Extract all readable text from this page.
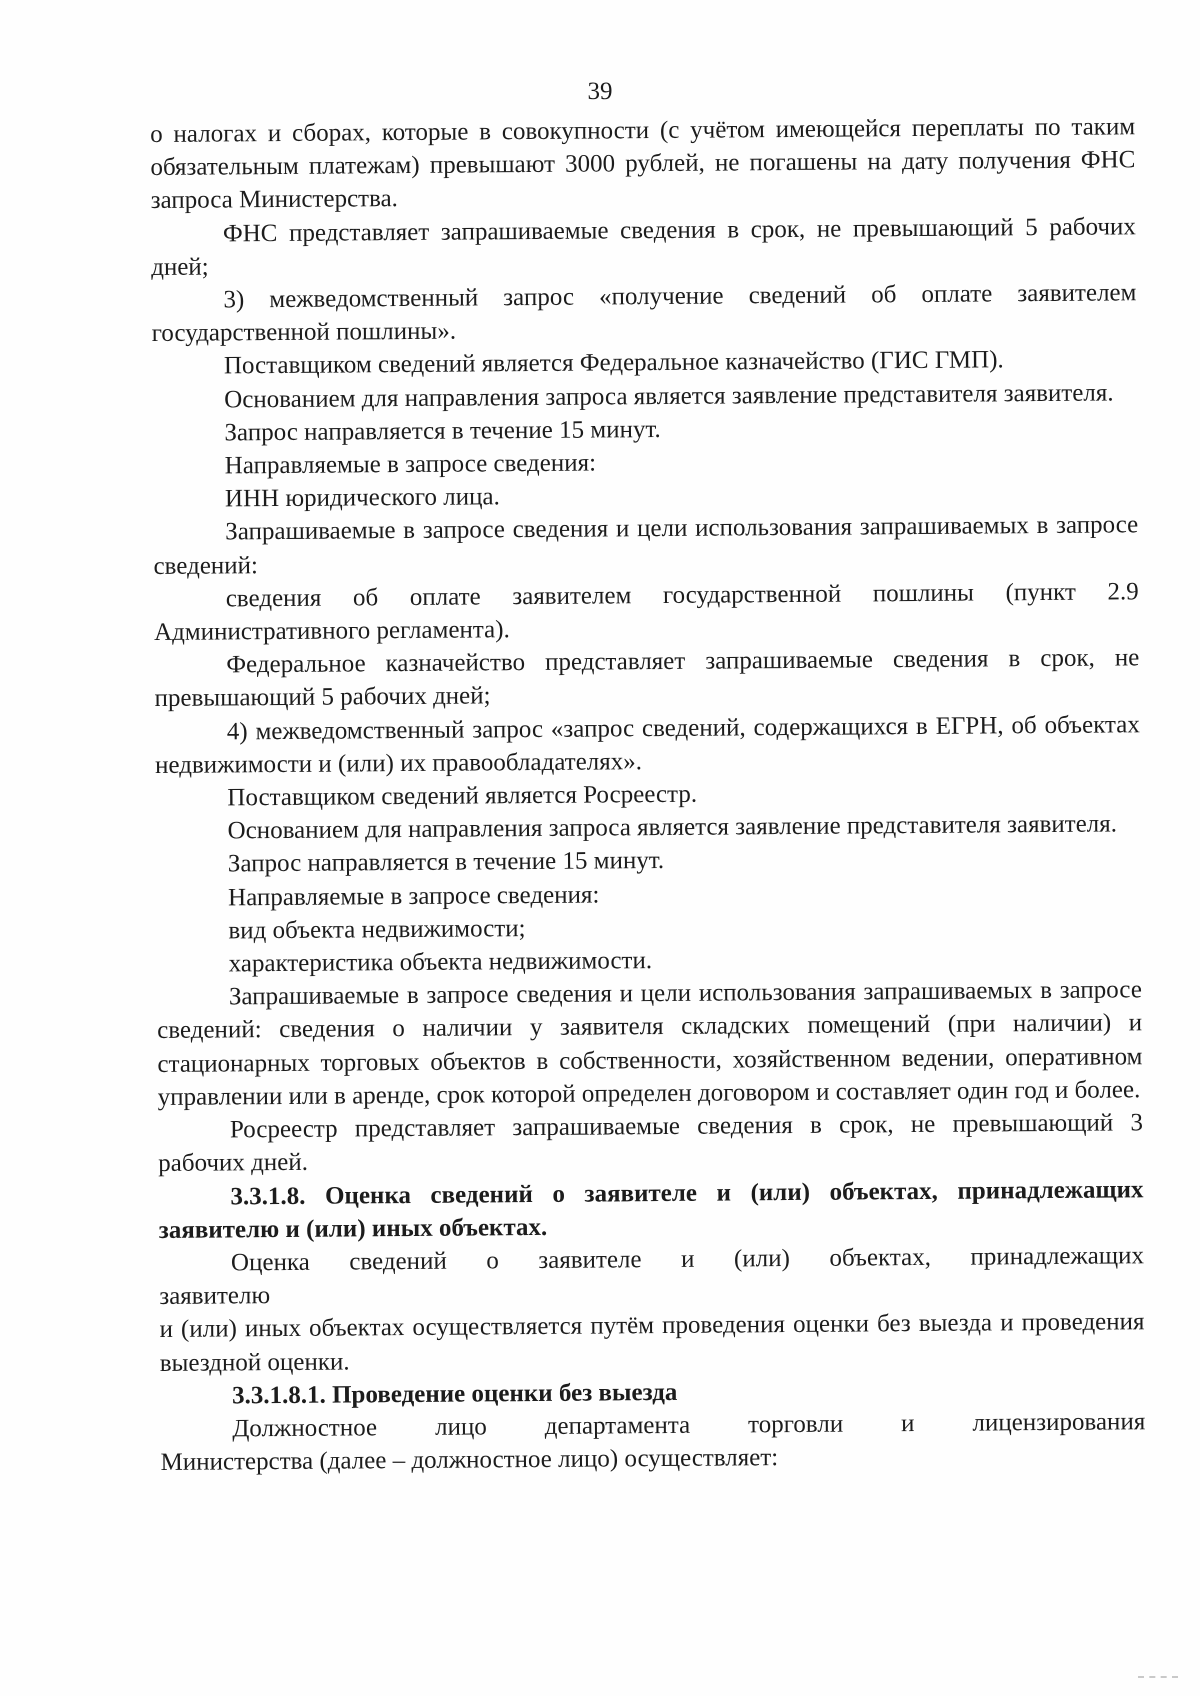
39

о налогах и сборах, которые в совокупности (с учётом имеющейся переплаты по таким обязательным платежам) превышают 3000 рублей, не погашены на дату получения ФНС запроса Министерства.

ФНС представляет запрашиваемые сведения в срок, не превышающий 5 рабочих дней;

3) межведомственный запрос «получение сведений об оплате заявителем государственной пошлины».

Поставщиком сведений является Федеральное казначейство (ГИС ГМП).

Основанием для направления запроса является заявление представителя заявителя.

Запрос направляется в течение 15 минут.

Направляемые в запросе сведения:

ИНН юридического лица.

Запрашиваемые в запросе сведения и цели использования запрашиваемых в запросе сведений:

сведения об оплате заявителем государственной пошлины (пункт 2.9 Административного регламента).

Федеральное казначейство представляет запрашиваемые сведения в срок, не превышающий 5 рабочих дней;

4) межведомственный запрос «запрос сведений, содержащихся в ЕГРН, об объектах недвижимости и (или) их правообладателях».

Поставщиком сведений является Росреестр.

Основанием для направления запроса является заявление представителя заявителя.

Запрос направляется в течение 15 минут.

Направляемые в запросе сведения:

вид объекта недвижимости;

характеристика объекта недвижимости.

Запрашиваемые в запросе сведения и цели использования запрашиваемых в запросе сведений: сведения о наличии у заявителя складских помещений (при наличии) и стационарных торговых объектов в собственности, хозяйственном ведении, оперативном управлении или в аренде, срок которой определен договором и составляет один год и более.

Росреестр представляет запрашиваемые сведения в срок, не превышающий 3 рабочих дней.

3.3.1.8. Оценка сведений о заявителе и (или) объектах, принадлежащих заявителю и (или) иных объектах.

Оценка сведений о заявителе и (или) объектах, принадлежащих

заявителю

и (или) иных объектах осуществляется путём проведения оценки без выезда и проведения выездной оценки.

3.3.1.8.1. Проведение оценки без выезда

Должностное лицо департамента торговли и лицензирования

Министерства (далее – должностное лицо) осуществляет:
